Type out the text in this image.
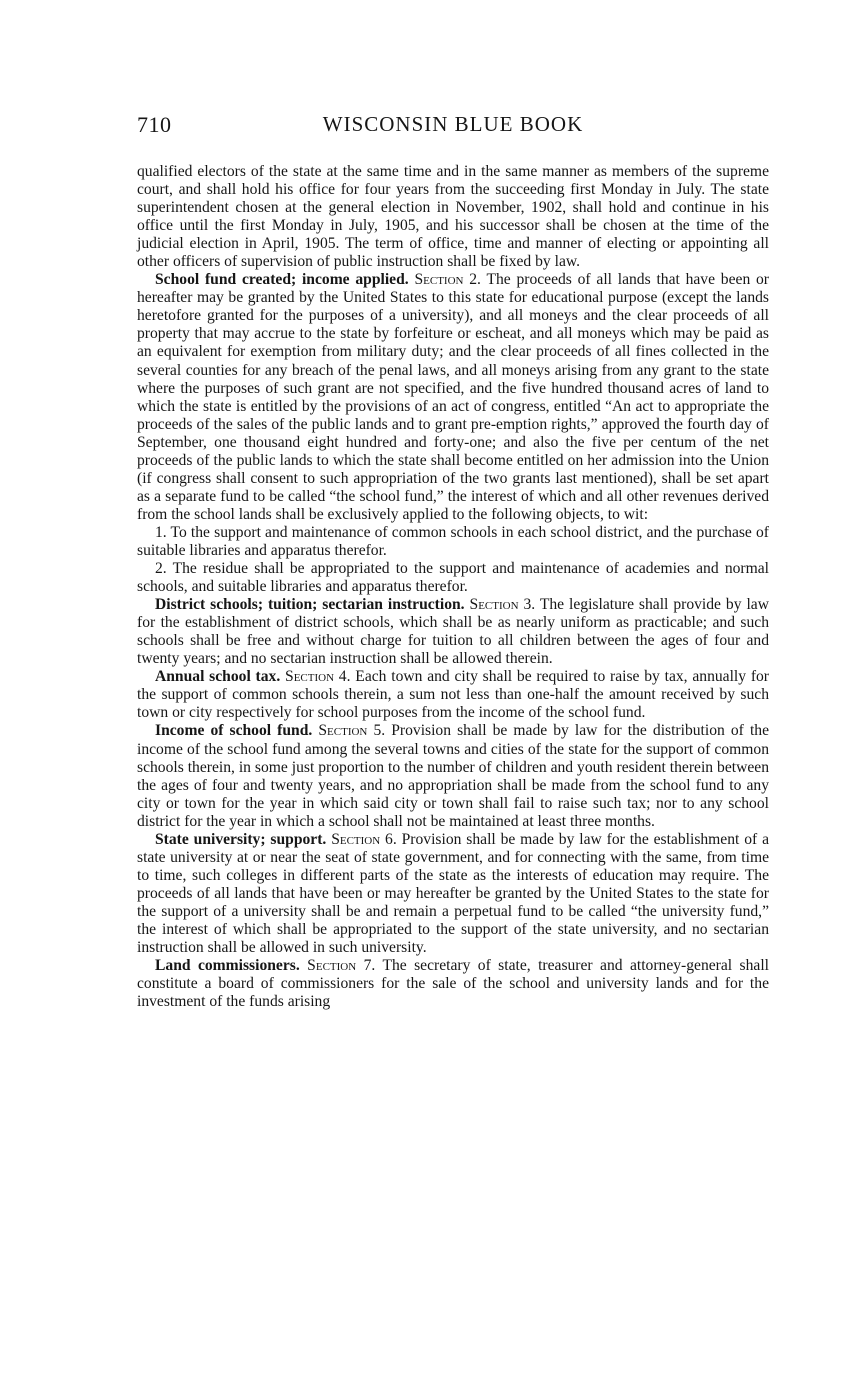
710	WISCONSIN BLUE BOOK

qualified electors of the state at the same time and in the same manner as members of the supreme court, and shall hold his office for four years from the succeeding first Monday in July. The state superintendent chosen at the general election in November, 1902, shall hold and continue in his office until the first Monday in July, 1905, and his successor shall be chosen at the time of the judicial election in April, 1905. The term of office, time and manner of electing or appointing all other officers of supervision of public instruction shall be fixed by law.

School fund created; income applied. Section 2. The proceeds of all lands that have been or hereafter may be granted by the United States to this state for educational purpose (except the lands heretofore granted for the purposes of a university), and all moneys and the clear proceeds of all property that may accrue to the state by forfeiture or escheat, and all moneys which may be paid as an equivalent for exemption from military duty; and the clear proceeds of all fines collected in the several counties for any breach of the penal laws, and all moneys arising from any grant to the state where the purposes of such grant are not specified, and the five hundred thousand acres of land to which the state is entitled by the provisions of an act of congress, entitled “An act to appropriate the proceeds of the sales of the public lands and to grant pre-emption rights,” approved the fourth day of September, one thousand eight hundred and forty-one; and also the five per centum of the net proceeds of the public lands to which the state shall become entitled on her admission into the Union (if congress shall consent to such appropriation of the two grants last mentioned), shall be set apart as a separate fund to be called “the school fund,” the interest of which and all other revenues derived from the school lands shall be exclusively applied to the following objects, to wit:

1. To the support and maintenance of common schools in each school district, and the purchase of suitable libraries and apparatus therefor.

2. The residue shall be appropriated to the support and maintenance of academies and normal schools, and suitable libraries and apparatus therefor.

District schools; tuition; sectarian instruction. Section 3. The legislature shall provide by law for the establishment of district schools, which shall be as nearly uniform as practicable; and such schools shall be free and without charge for tuition to all children between the ages of four and twenty years; and no sectarian instruction shall be allowed therein.

Annual school tax. Section 4. Each town and city shall be required to raise by tax, annually for the support of common schools therein, a sum not less than one-half the amount received by such town or city respectively for school purposes from the income of the school fund.

Income of school fund. Section 5. Provision shall be made by law for the distribution of the income of the school fund among the several towns and cities of the state for the support of common schools therein, in some just proportion to the number of children and youth resident therein between the ages of four and twenty years, and no appropriation shall be made from the school fund to any city or town for the year in which said city or town shall fail to raise such tax; nor to any school district for the year in which a school shall not be maintained at least three months.

State university; support. Section 6. Provision shall be made by law for the establishment of a state university at or near the seat of state government, and for connecting with the same, from time to time, such colleges in different parts of the state as the interests of education may require. The proceeds of all lands that have been or may hereafter be granted by the United States to the state for the support of a university shall be and remain a perpetual fund to be called “the university fund,” the interest of which shall be appropriated to the support of the state university, and no sectarian instruction shall be allowed in such university.

Land commissioners. Section 7. The secretary of state, treasurer and attorney-general shall constitute a board of commissioners for the sale of the school and university lands and for the investment of the funds arising
